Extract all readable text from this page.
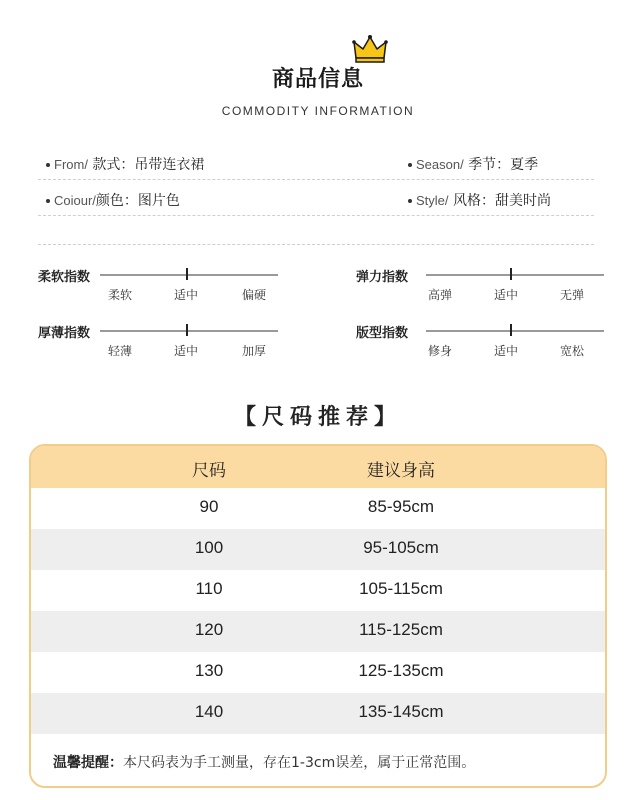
商品信息
COMMODITY INFORMATION
From/ 款式：吊带连衣裙	Season/ 季节：夏季
Coiour/颜色：图片色	Style/ 风格：甜美时尚
柔软指数
柔软	适中	偏硬
弹力指数
高弹	适中	无弹
厚薄指数
轻薄	适中	加厚
版型指数
修身	适中	宽松
【尺码推荐】
尺码	建议身高
90	85-95cm
100	95-105cm
110	105-115cm
120	115-125cm
130	125-135cm
140	135-145cm
温馨提醒：本尺码表为手工测量，存在1-3cm误差，属于正常范围。
